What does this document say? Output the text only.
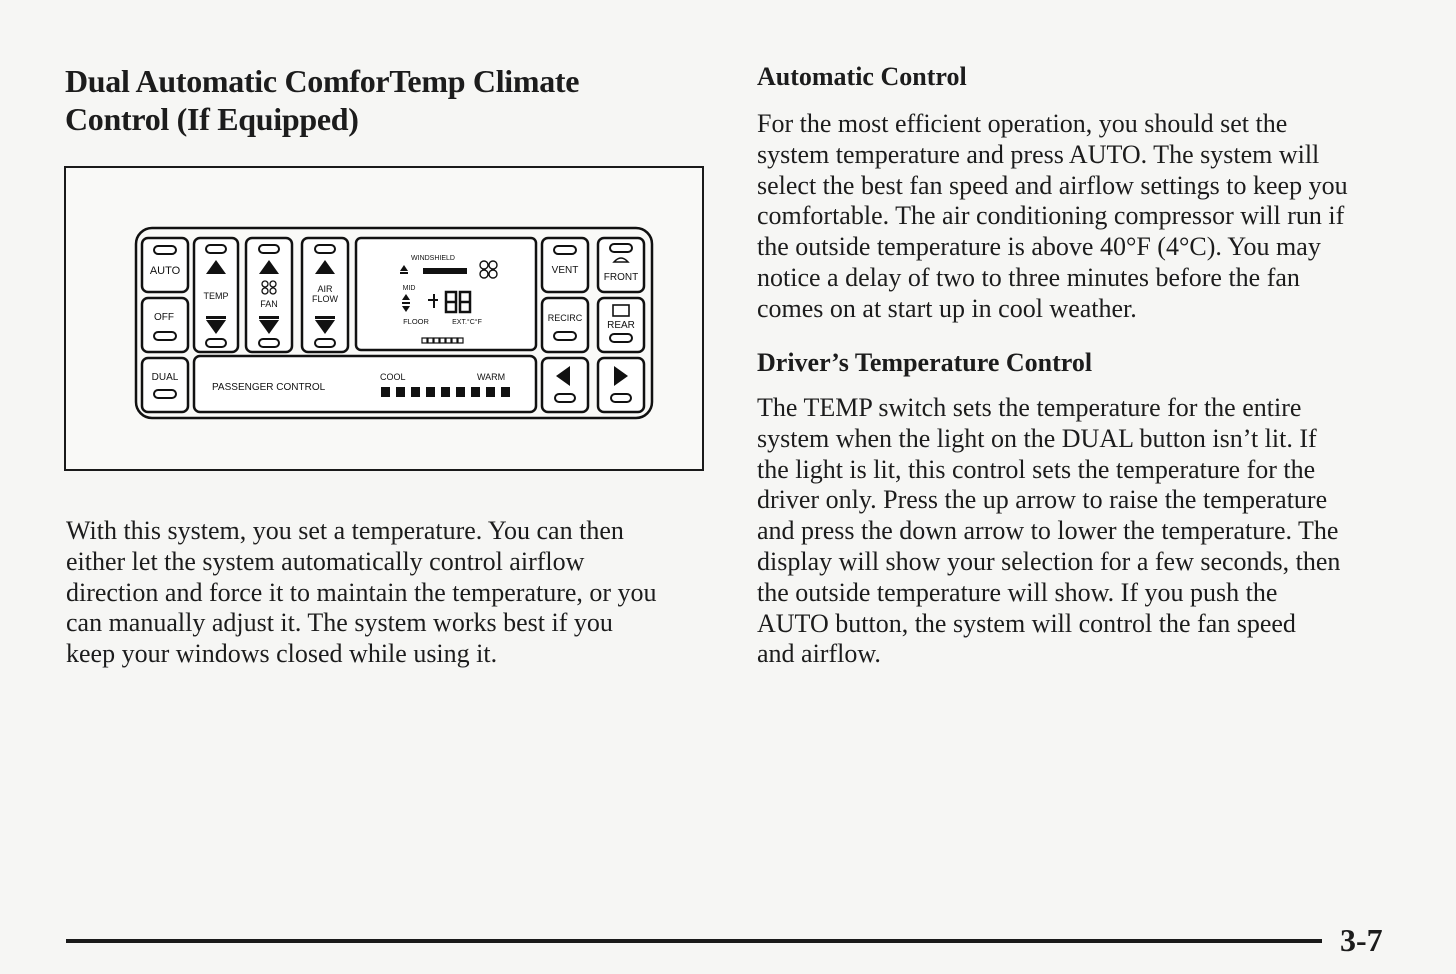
Dual Automatic ComforTemp Climate
Control (If Equipped)
AUTO
OFF
TEMP
FAN
AIR
FLOW
WINDSHIELD
MID
FLOOR	EXT.°C°F
VENT
RECIRC
FRONT
REAR
DUAL
PASSENGER CONTROL
COOL	WARM

With this system, you set a temperature. You can then
either let the system automatically control airflow
direction and force it to maintain the temperature, or you
can manually adjust it. The system works best if you
keep your windows closed while using it.

Automatic Control

For the most efficient operation, you should set the
system temperature and press AUTO. The system will
select the best fan speed and airflow settings to keep you
comfortable. The air conditioning compressor will run if
the outside temperature is above 40°F (4°C). You may
notice a delay of two to three minutes before the fan
comes on at start up in cool weather.

Driver’s Temperature Control

The TEMP switch sets the temperature for the entire
system when the light on the DUAL button isn’t lit. If
the light is lit, this control sets the temperature for the
driver only. Press the up arrow to raise the temperature
and press the down arrow to lower the temperature. The
display will show your selection for a few seconds, then
the outside temperature will show. If you push the
AUTO button, the system will control the fan speed
and airflow.

3-7
